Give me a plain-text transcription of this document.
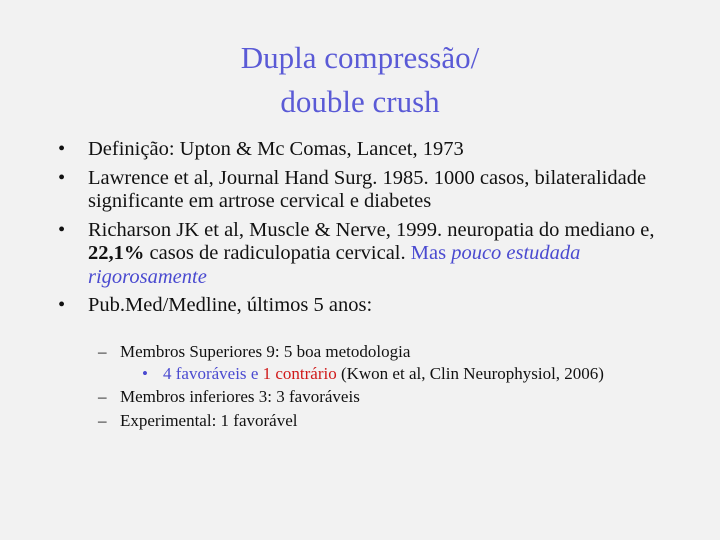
Dupla compressão/
double crush
• Definição: Upton & Mc Comas, Lancet, 1973
• Lawrence et al, Journal Hand Surg. 1985. 1000 casos, bilateralidade significante em artrose cervical e diabetes
• Richarson JK et al, Muscle & Nerve, 1999. neuropatia do mediano e, 22,1% casos de radiculopatia cervical. Mas pouco estudada rigorosamente
• Pub.Med/Medline, últimos 5 anos:
– Membros Superiores 9: 5 boa metodologia
• 4 favoráveis e 1 contrário (Kwon et al, Clin Neurophysiol, 2006)
– Membros inferiores 3: 3 favoráveis
– Experimental: 1 favorável
